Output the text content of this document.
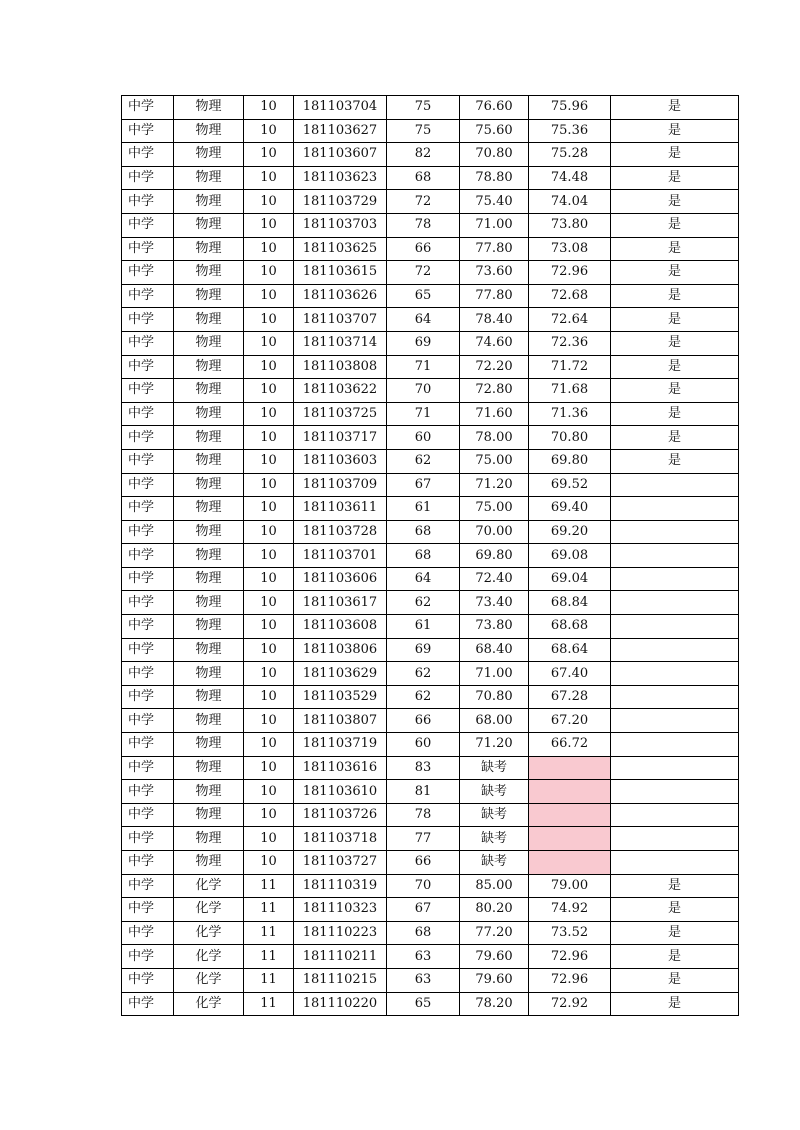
中学	物理	10	181103704	75	76.60	75.96	是
中学	物理	10	181103627	75	75.60	75.36	是
中学	物理	10	181103607	82	70.80	75.28	是
中学	物理	10	181103623	68	78.80	74.48	是
中学	物理	10	181103729	72	75.40	74.04	是
中学	物理	10	181103703	78	71.00	73.80	是
中学	物理	10	181103625	66	77.80	73.08	是
中学	物理	10	181103615	72	73.60	72.96	是
中学	物理	10	181103626	65	77.80	72.68	是
中学	物理	10	181103707	64	78.40	72.64	是
中学	物理	10	181103714	69	74.60	72.36	是
中学	物理	10	181103808	71	72.20	71.72	是
中学	物理	10	181103622	70	72.80	71.68	是
中学	物理	10	181103725	71	71.60	71.36	是
中学	物理	10	181103717	60	78.00	70.80	是
中学	物理	10	181103603	62	75.00	69.80	是
中学	物理	10	181103709	67	71.20	69.52	
中学	物理	10	181103611	61	75.00	69.40	
中学	物理	10	181103728	68	70.00	69.20	
中学	物理	10	181103701	68	69.80	69.08	
中学	物理	10	181103606	64	72.40	69.04	
中学	物理	10	181103617	62	73.40	68.84	
中学	物理	10	181103608	61	73.80	68.68	
中学	物理	10	181103806	69	68.40	68.64	
中学	物理	10	181103629	62	71.00	67.40	
中学	物理	10	181103529	62	70.80	67.28	
中学	物理	10	181103807	66	68.00	67.20	
中学	物理	10	181103719	60	71.20	66.72	
中学	物理	10	181103616	83	缺考		
中学	物理	10	181103610	81	缺考		
中学	物理	10	181103726	78	缺考		
中学	物理	10	181103718	77	缺考		
中学	物理	10	181103727	66	缺考		
中学	化学	11	181110319	70	85.00	79.00	是
中学	化学	11	181110323	67	80.20	74.92	是
中学	化学	11	181110223	68	77.20	73.52	是
中学	化学	11	181110211	63	79.60	72.96	是
中学	化学	11	181110215	63	79.60	72.96	是
中学	化学	11	181110220	65	78.20	72.92	是
